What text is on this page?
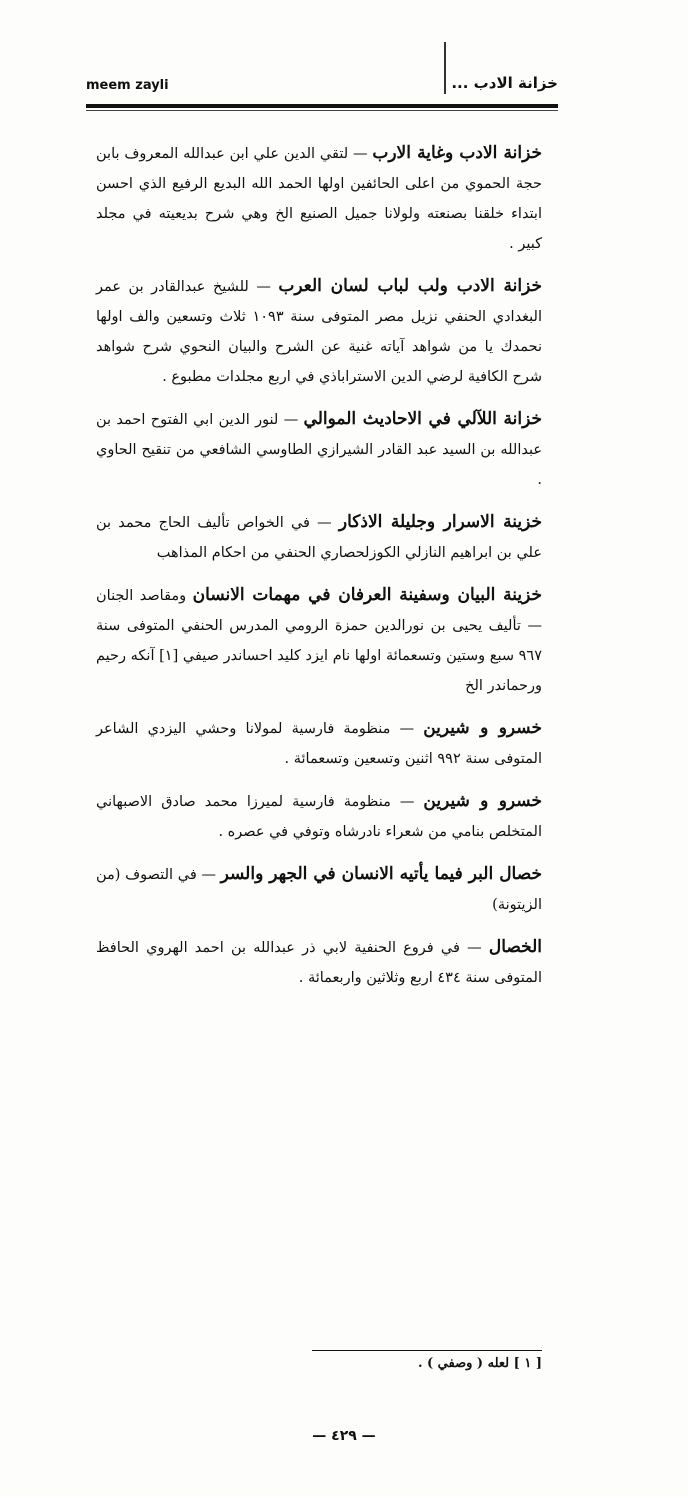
meem zayli	خزانة الادب ...

خزانة الادب وغاية الارب — لتقي الدين علي ابن عبدالله المعروف بابن حجة الحموي من اعلى الحائفين اولها الحمد الله البديع الرفيع الذي احسن ابتداء خلقنا بصنعته ولولانا جميل الصنيع الخ وهي شرح بديعيته في مجلد كبير .

خزانة الادب ولب لباب لسان العرب — للشيخ عبدالقادر بن عمر البغدادي الحنفي نزيل مصر المتوفى سنة ١٠٩٣ ثلاث وتسعين والف اولها نحمدك يا من شواهد آياته غنية عن الشرح والبيان النحوي شرح شواهد شرح الكافية لرضي الدين الاستراباذي في اربع مجلدات مطبوع .

خزانة اللآلي في الاحاديث الموالي — لنور الدين ابي الفتوح احمد بن عبدالله بن السيد عبد القادر الشيرازي الطاوسي الشافعي من تنقيح الحاوي .

خزينة الاسرار وجليلة الاذكار — في الخواص تأليف الحاج محمد بن علي بن ابراهيم النازلي الكوزلحصاري الحنفي من احكام المذاهب

خزينة البيان وسفينة العرفان في مهمات الانسان ومقاصد الجنان — تأليف يحيى بن نورالدين حمزة الرومي المدرس الحنفي المتوفى سنة ٩٦٧ سبع وستين وتسعمائة اولها نام ايزد كليد احساندر صيفي [١] آنكه رحيم ورحماندر الخ

خسرو و شيرين — منظومة فارسية لمولانا وحشي اليزدي الشاعر المتوفى سنة ٩٩٢ اثنين وتسعين وتسعمائة .

خسرو و شيرين — منظومة فارسية لميرزا محمد صادق الاصبهاني المتخلص بنامي من شعراء نادرشاه وتوفي في عصره .

خصال البر فيما يأتيه الانسان في الجهر والسر — في التصوف (من الزيتونة)

الخصال — في فروع الحنفية لابي ذر عبدالله بن احمد الهروي الحافظ المتوفى سنة ٤٣٤ اربع وثلاثين واربعمائة .

[ ١ ] لعله ( وصفي ) .
— ٤٢٩ —
